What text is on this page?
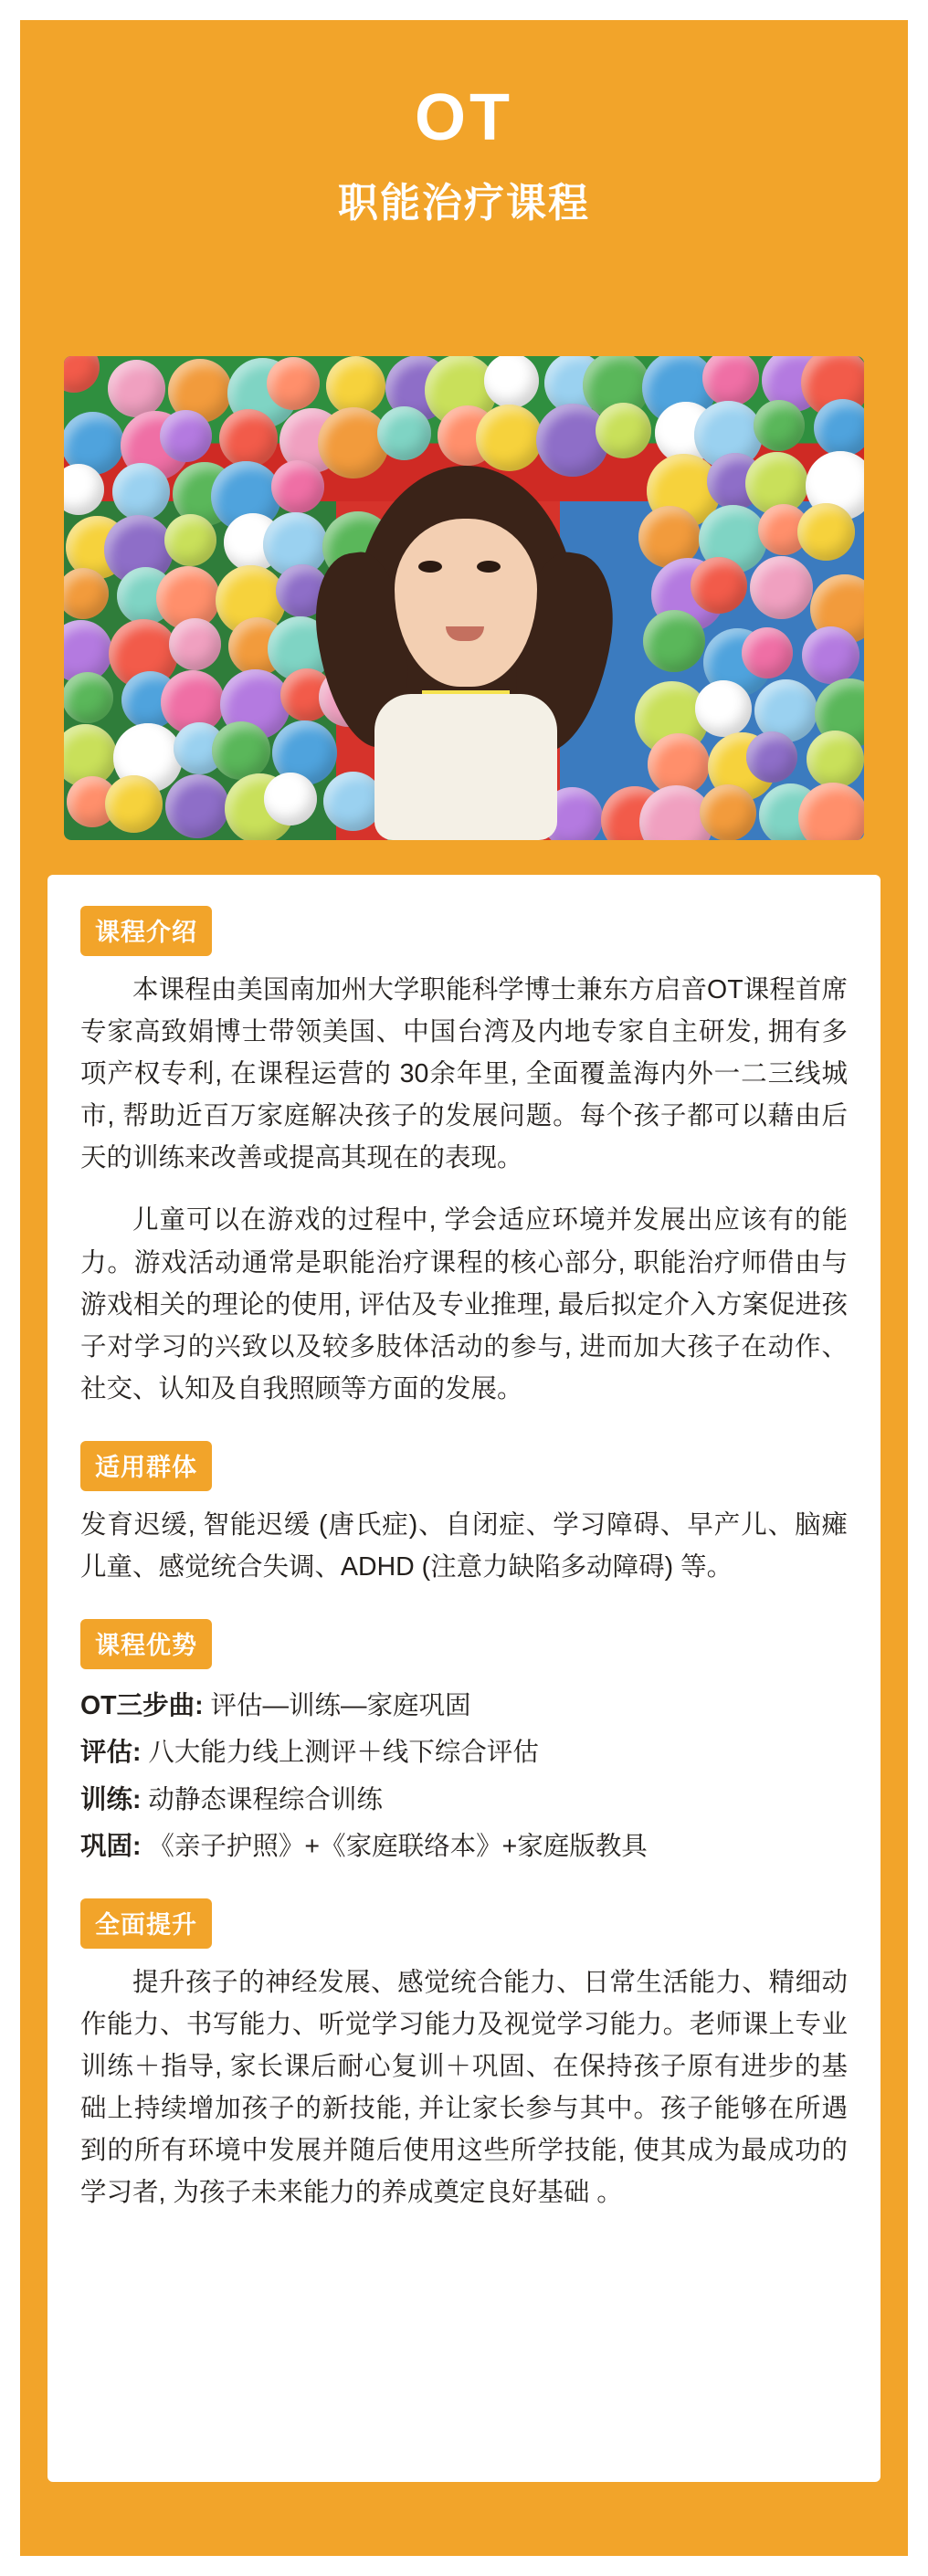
OT
职能治疗课程
课程介绍

本课程由美国南加州大学职能科学博士兼东方启音OT课程首席专家高致娟博士带领美国、中国台湾及内地专家自主研发, 拥有多项产权专利, 在课程运营的 30余年里, 全面覆盖海内外一二三线城市, 帮助近百万家庭解决孩子的发展问题。每个孩子都可以藉由后天的训练来改善或提高其现在的表现。

儿童可以在游戏的过程中, 学会适应环境并发展出应该有的能力。游戏活动通常是职能治疗课程的核心部分, 职能治疗师借由与游戏相关的理论的使用, 评估及专业推理, 最后拟定介入方案促进孩子对学习的兴致以及较多肢体活动的参与, 进而加大孩子在动作、社交、认知及自我照顾等方面的发展。

适用群体

发育迟缓, 智能迟缓 (唐氏症)、自闭症、学习障碍、早产儿、脑瘫儿童、感觉统合失调、ADHD (注意力缺陷多动障碍) 等。

课程优势

OT三步曲: 评估—训练—家庭巩固

评估: 八大能力线上测评＋线下综合评估

训练: 动静态课程综合训练

巩固: 《亲子护照》+《家庭联络本》+家庭版教具

全面提升

提升孩子的神经发展、感觉统合能力、日常生活能力、精细动作能力、书写能力、听觉学习能力及视觉学习能力。老师课上专业训练＋指导, 家长课后耐心复训＋巩固、在保持孩子原有进步的基础上持续增加孩子的新技能, 并让家长参与其中。孩子能够在所遇到的所有环境中发展并随后使用这些所学技能, 使其成为最成功的学习者, 为孩子未来能力的养成奠定良好基础 。
